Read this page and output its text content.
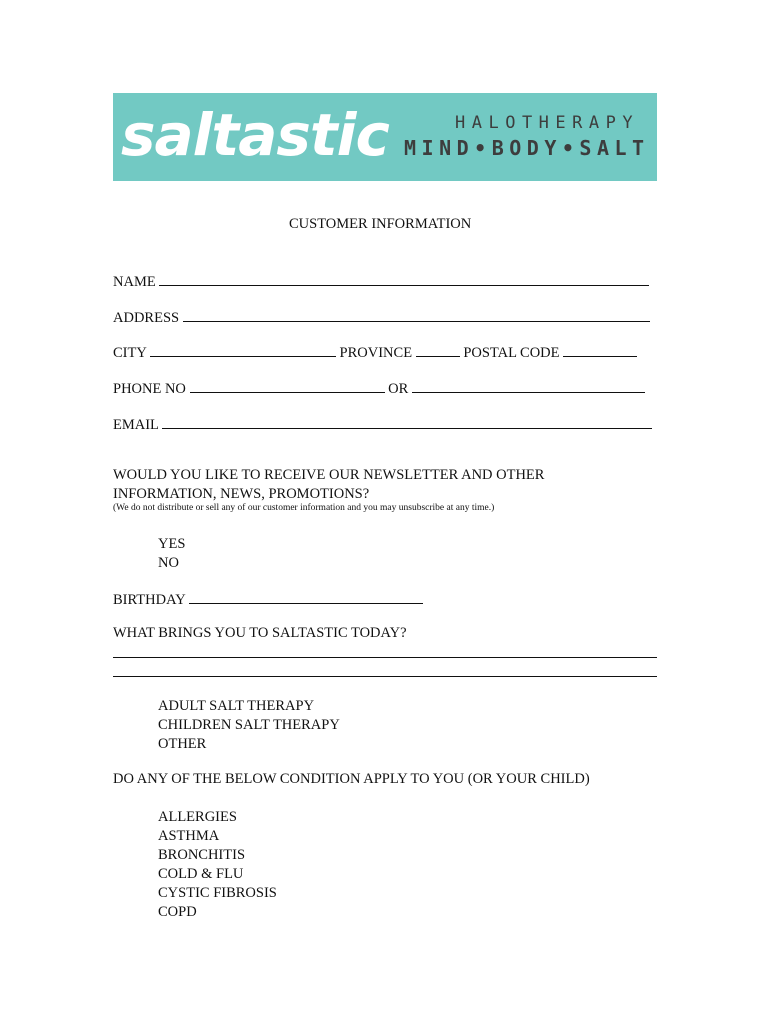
saltastic	HALOTHERAPY
MIND•BODY•SALT
CUSTOMER INFORMATION
NAME
ADDRESS
CITY	PROVINCE	POSTAL CODE
PHONE NO	OR
EMAIL
WOULD YOU LIKE TO RECEIVE OUR NEWSLETTER AND OTHER
INFORMATION, NEWS, PROMOTIONS?
(We do not distribute or sell any of our customer information and you may unsubscribe at any time.)
YES
NO
BIRTHDAY
WHAT BRINGS YOU TO SALTASTIC TODAY?
ADULT SALT THERAPY
CHILDREN SALT THERAPY
OTHER
DO ANY OF THE BELOW CONDITION APPLY TO YOU (OR YOUR CHILD)
ALLERGIES
ASTHMA
BRONCHITIS
COLD & FLU
CYSTIC FIBROSIS
COPD
